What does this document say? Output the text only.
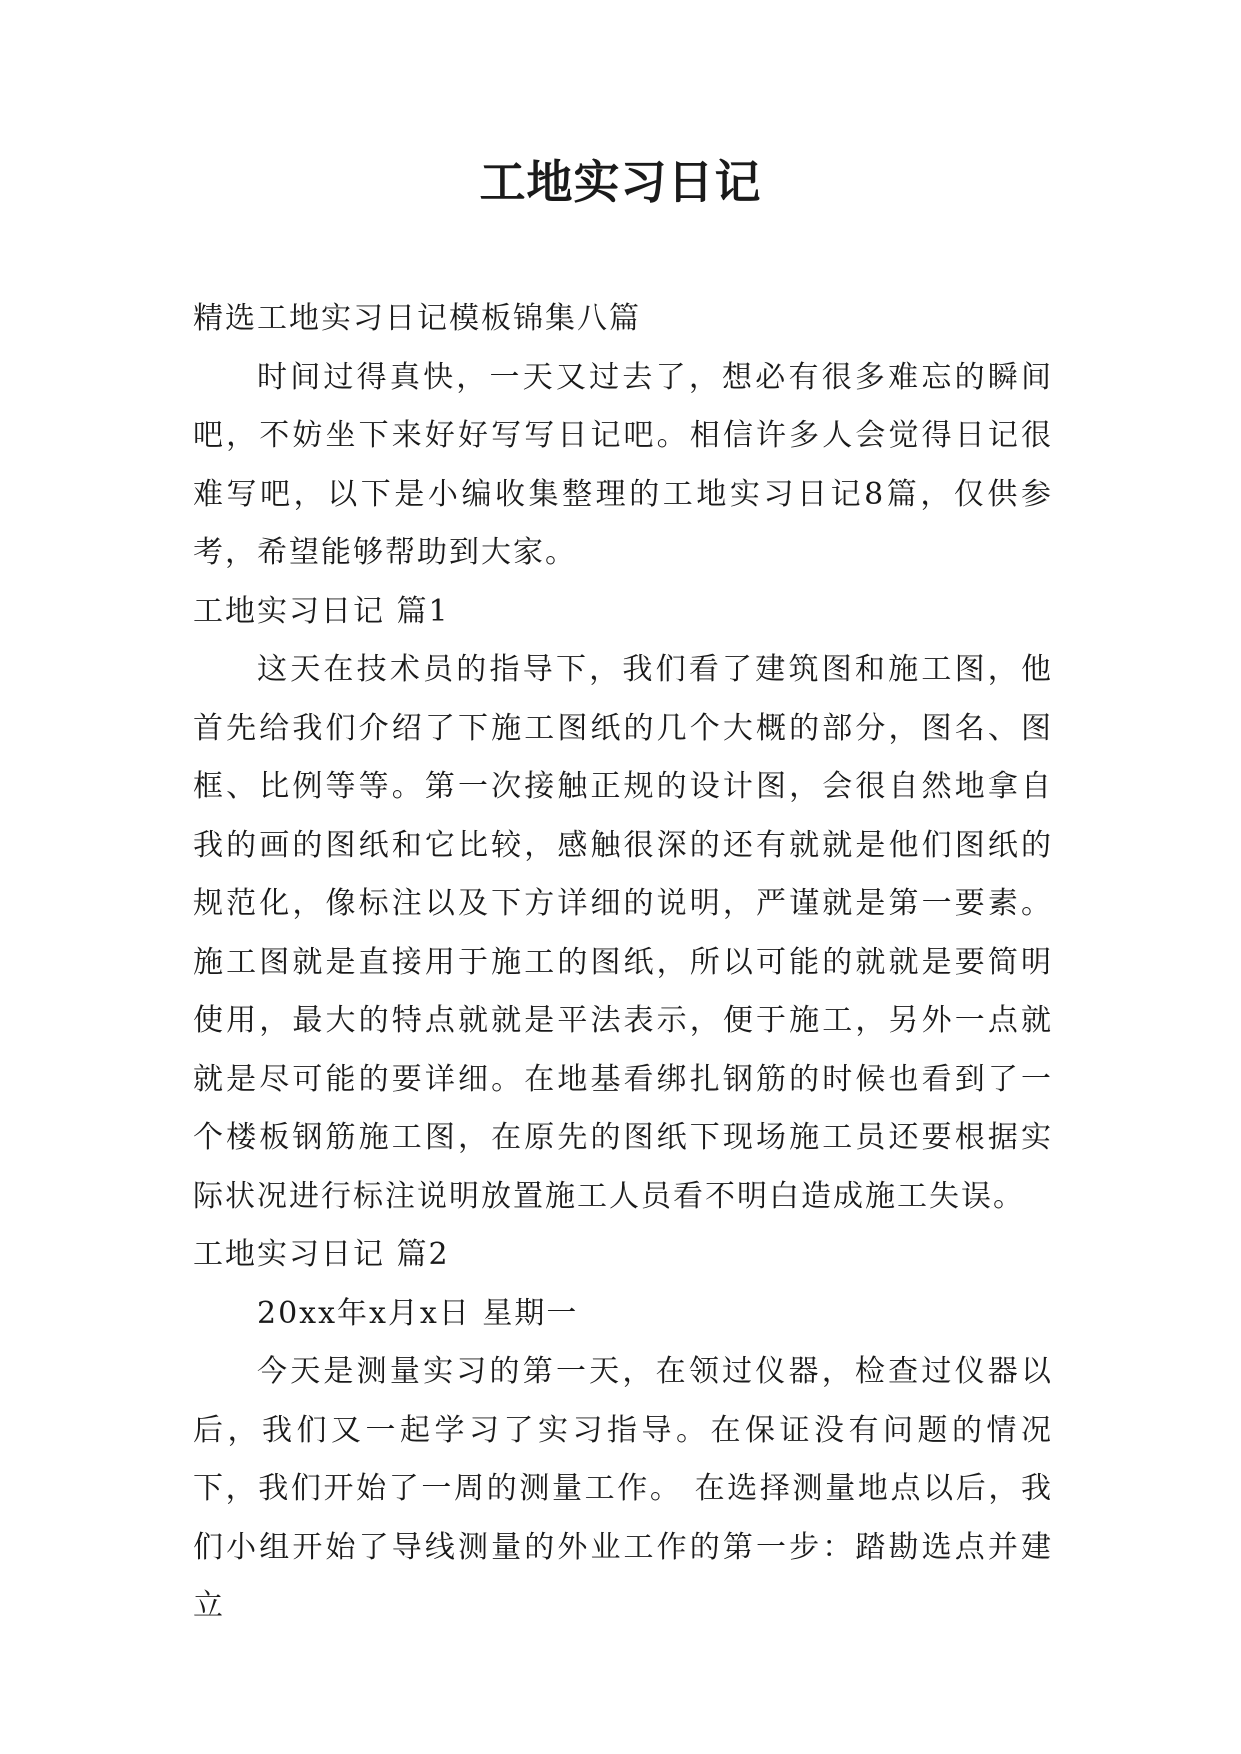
工地实习日记

精选工地实习日记模板锦集八篇

时间过得真快，一天又过去了，想必有很多难忘的瞬间吧，不妨坐下来好好写写日记吧。相信许多人会觉得日记很难写吧，以下是小编收集整理的工地实习日记8篇，仅供参考，希望能够帮助到大家。

工地实习日记 篇1

这天在技术员的指导下，我们看了建筑图和施工图，他首先给我们介绍了下施工图纸的几个大概的部分，图名、图框、比例等等。第一次接触正规的设计图，会很自然地拿自我的画的图纸和它比较，感触很深的还有就就是他们图纸的规范化，像标注以及下方详细的说明，严谨就是第一要素。施工图就是直接用于施工的图纸，所以可能的就就是要简明使用，最大的特点就就是平法表示，便于施工，另外一点就就是尽可能的要详细。在地基看绑扎钢筋的时候也看到了一个楼板钢筋施工图，在原先的图纸下现场施工员还要根据实际状况进行标注说明放置施工人员看不明白造成施工失误。

工地实习日记 篇2

20xx年x月x日 星期一

今天是测量实习的第一天，在领过仪器，检查过仪器以后，我们又一起学习了实习指导。在保证没有问题的情况下，我们开始了一周的测量工作。 在选择测量地点以后，我们小组开始了导线测量的外业工作的第一步：踏勘选点并建立
